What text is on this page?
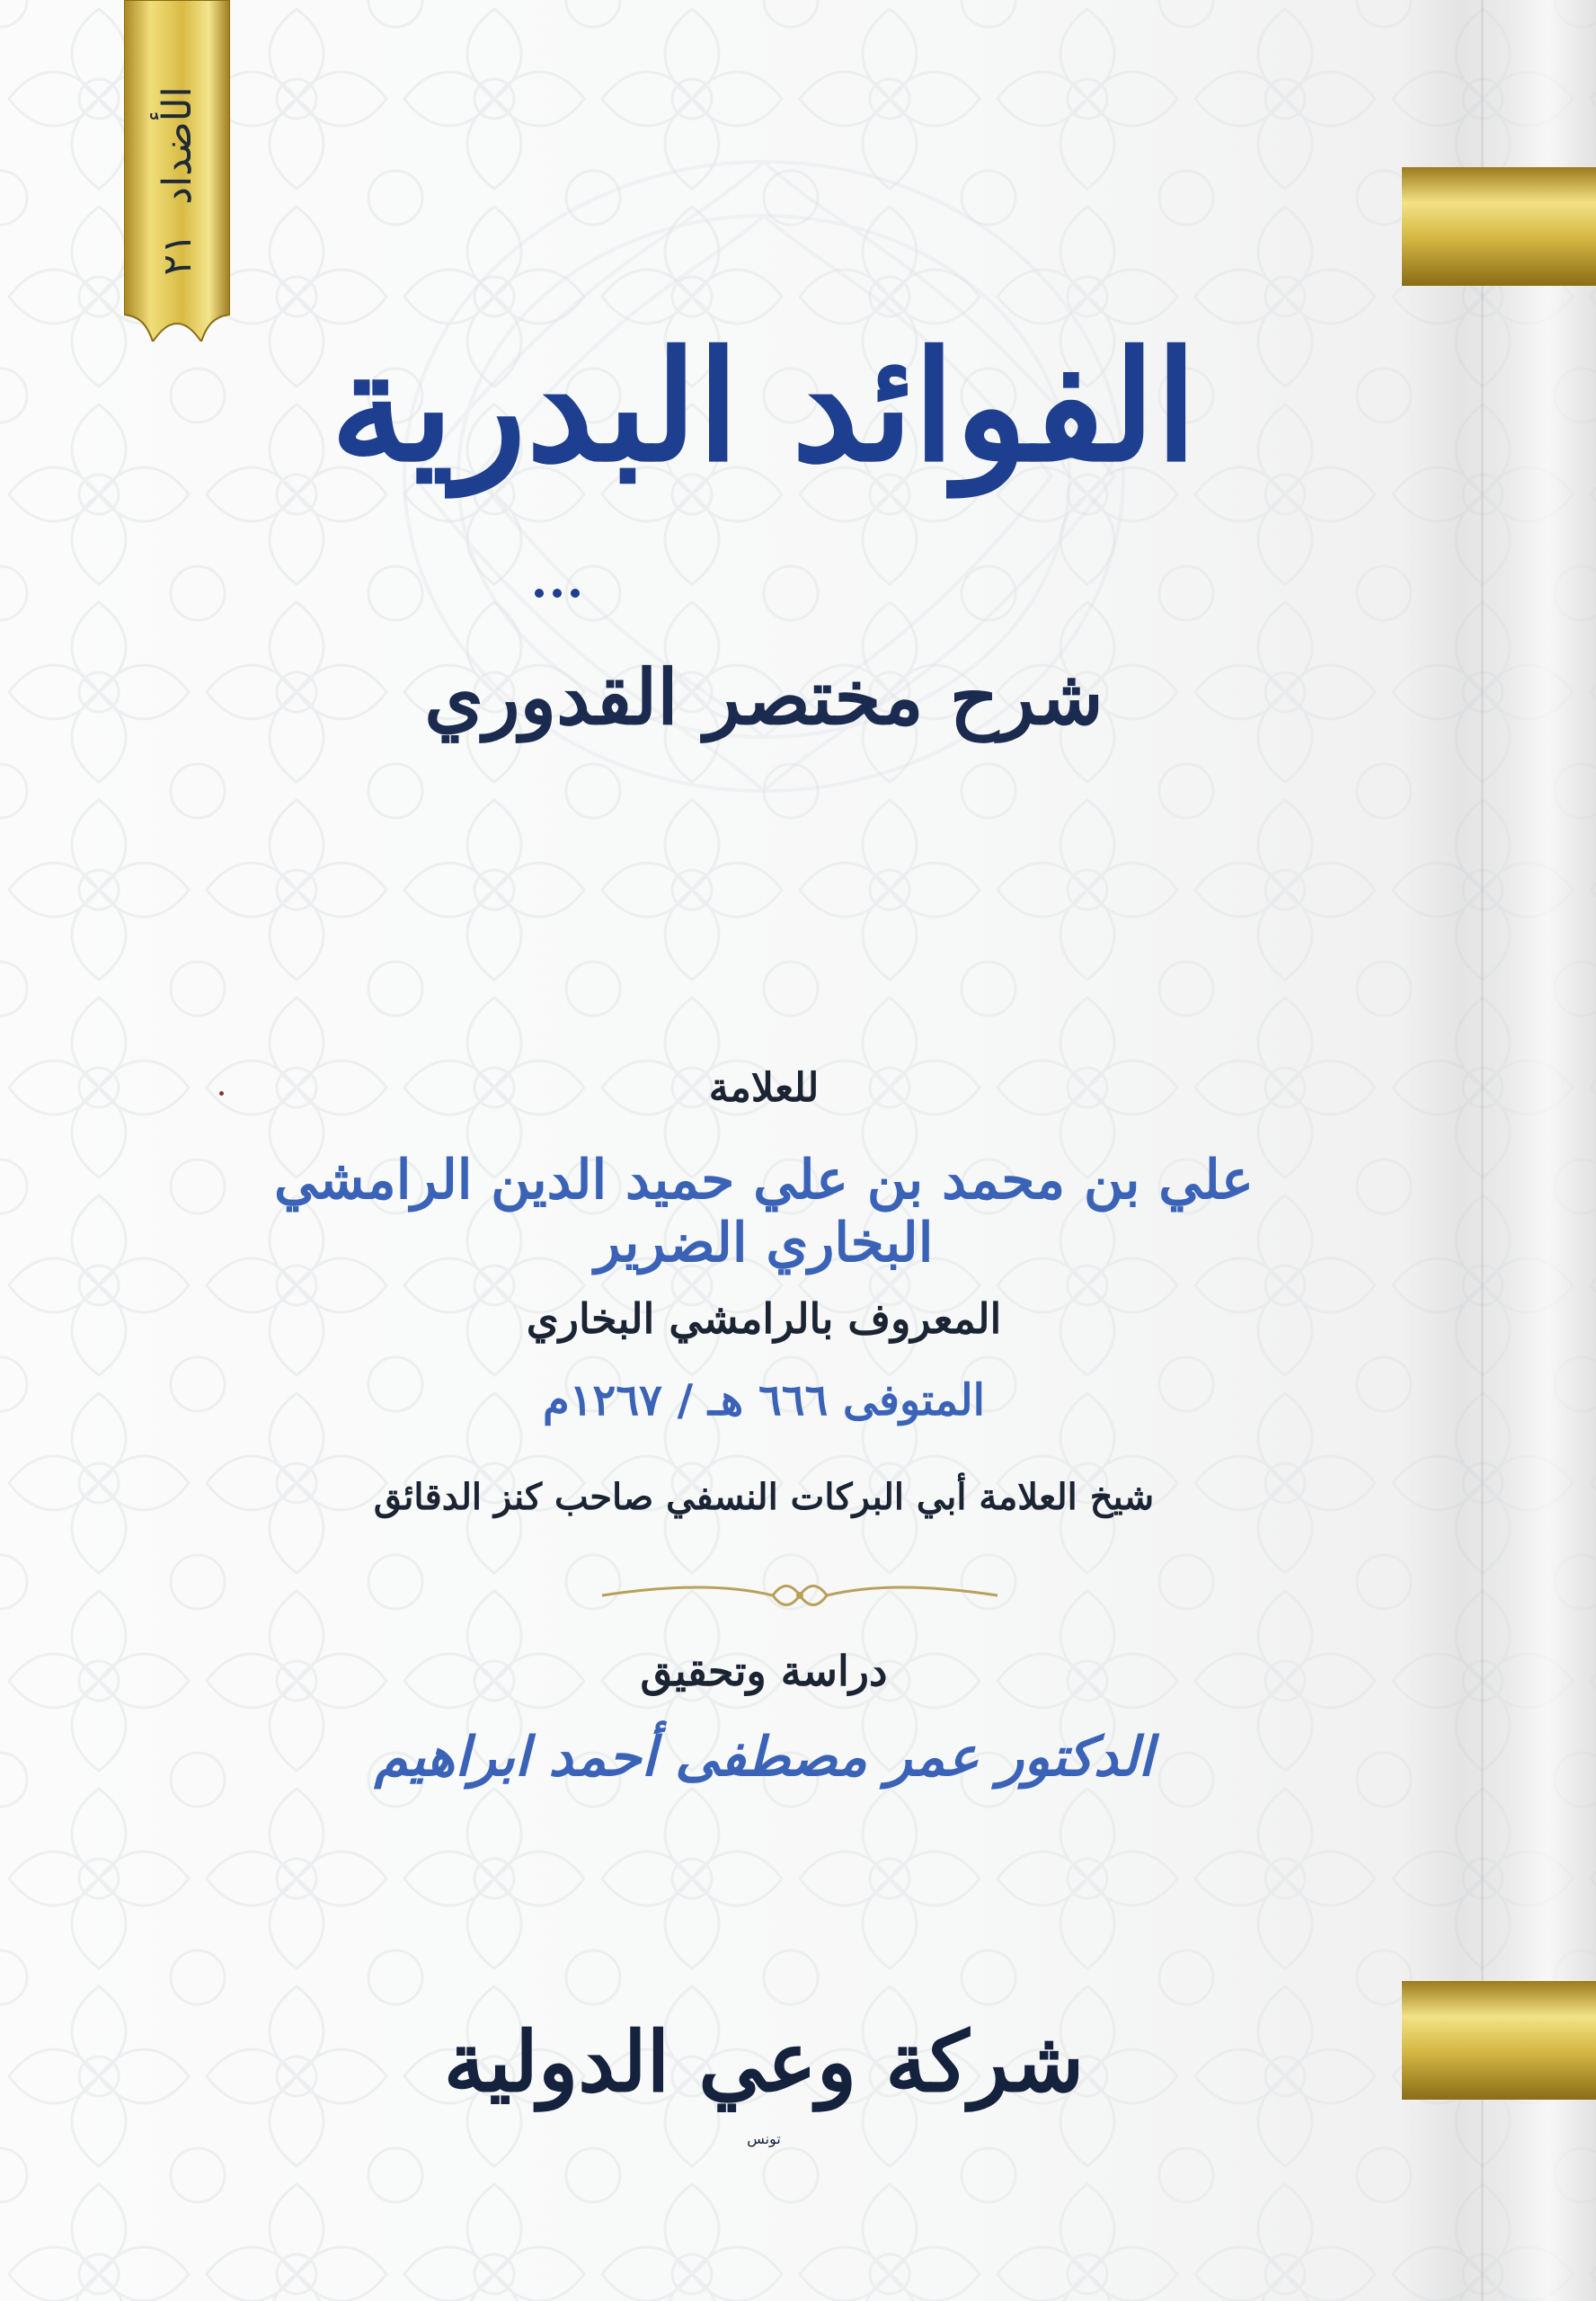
الأضداد ٢١
الفوائد البدرية
شرح مختصر القدوري
للعلامة
علي بن محمد بن علي حميد الدين الرامشي البخاري الضرير
المعروف بالرامشي البخاري
المتوفى ٦٦٦ هـ / ١٢٦٧م
شيخ العلامة أبي البركات النسفي صاحب كنز الدقائق
دراسة وتحقيق
الدكتور عمر مصطفى أحمد ابراهيم
شركة وعي الدولية
تونس
